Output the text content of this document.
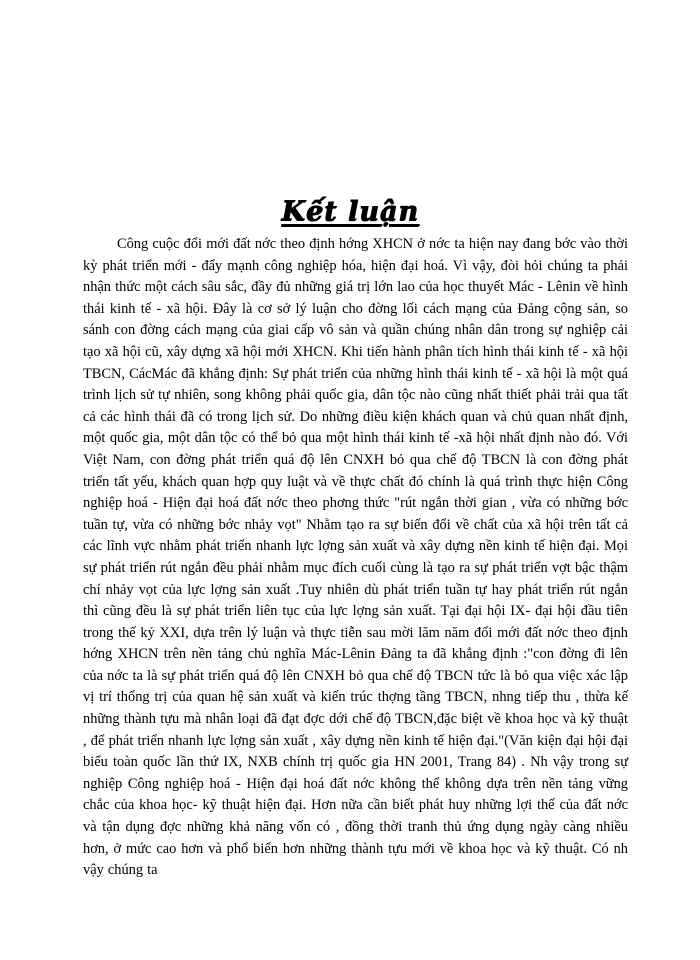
Kết luận

Công cuộc đổi mới đất nớc theo định hớng XHCN ở nớc ta hiện nay đang bớc vào thời kỳ phát triển mới - đẩy mạnh công nghiệp hóa, hiện đại hoá. Vì vậy, đòi hỏi chúng ta phải nhận thức một cách sâu sắc, đầy đủ những giá trị lớn lao của học thuyết Mác - Lênin về hình thái kinh tế - xã hội. Đây là cơ sở lý luận cho đờng lối cách mạng của Đảng cộng sản, so sánh con đờng cách mạng của giai cấp vô sản và quần chúng nhân dân trong sự nghiệp cải tạo xã hội cũ, xây dựng xã hội mới XHCN. Khi tiến hành phân tích hình thái kinh tế - xã hội TBCN, CácMác đã khẳng định: Sự phát triển của những hình thái kinh tế - xã hội là một quá trình lịch sử tự nhiên, song không phải quốc gia, dân tộc nào cũng nhất thiết phải trải qua tất cả các hình thái đã có trong lịch sử. Do những điều kiện khách quan và chủ quan nhất định, một quốc gia, một dân tộc có thể bỏ qua một hình thái kinh tế -xã hội nhất định nào đó. Với Việt Nam, con đờng phát triển quá độ lên CNXH bỏ qua chế độ TBCN là con đờng phát triển tất yếu, khách quan hợp quy luật và về thực chất đó chính là quá trình thực hiện Công nghiệp hoá - Hiện đại hoá đất nớc theo phơng thức "rút ngắn thời gian , vừa có những bớc tuần tự, vừa có những bớc nhảy vọt" Nhằm tạo ra sự biến đổi về chất của xã hội trên tất cả các lĩnh vực nhằm phát triển nhanh lực lợng sản xuất và xây dựng nền kinh tế hiện đại. Mọi sự phát triển rút ngắn đều phải nhằm mục đích cuối cùng là tạo ra sự phát triển vợt bậc thậm chí nhảy vọt của lực lợng sản xuất .Tuy nhiên dù phát triển tuần tự hay phát triển rút ngắn thì cũng đều là sự phát triển liên tục của lực lợng sản xuất. Tại đại hội IX- đại hội đầu tiên trong thế kỷ XXI, dựa trên lý luận và thực tiễn sau mời lăm năm đổi mới đất nớc theo định hớng XHCN trên nền tảng chủ nghĩa Mác-Lênin Đảng ta đã khẳng định :"con đờng đi lên của nớc ta là sự phát triển quá độ lên CNXH bỏ qua chế độ TBCN tức là bỏ qua việc xác lập vị trí thống trị của quan hệ sản xuất và kiến trúc thợng tầng TBCN, nhng tiếp thu , thừa kế những thành tựu mà nhân loại đã đạt đợc dới chế độ TBCN,đặc biệt về khoa học và kỹ thuật , để phát triển nhanh lực lợng sản xuất , xây dựng nền kinh tế hiện đại."(Văn kiện đại hội đại biểu toàn quốc lần thứ IX, NXB chính trị quốc gia HN 2001, Trang 84) . Nh vậy trong sự nghiệp Công nghiệp hoá - Hiện đại hoá đất nớc không thể không dựa trên nền tảng vững chắc của khoa học- kỹ thuật hiện đại. Hơn nữa cần biết phát huy những lợi thế của đất nớc và tận dụng đợc những khả năng vốn có , đồng thời tranh thủ ứng dụng ngày càng nhiều hơn, ở mức cao hơn và phổ biến hơn những thành tựu mới về khoa học và kỹ thuật. Có nh vậy chúng ta
